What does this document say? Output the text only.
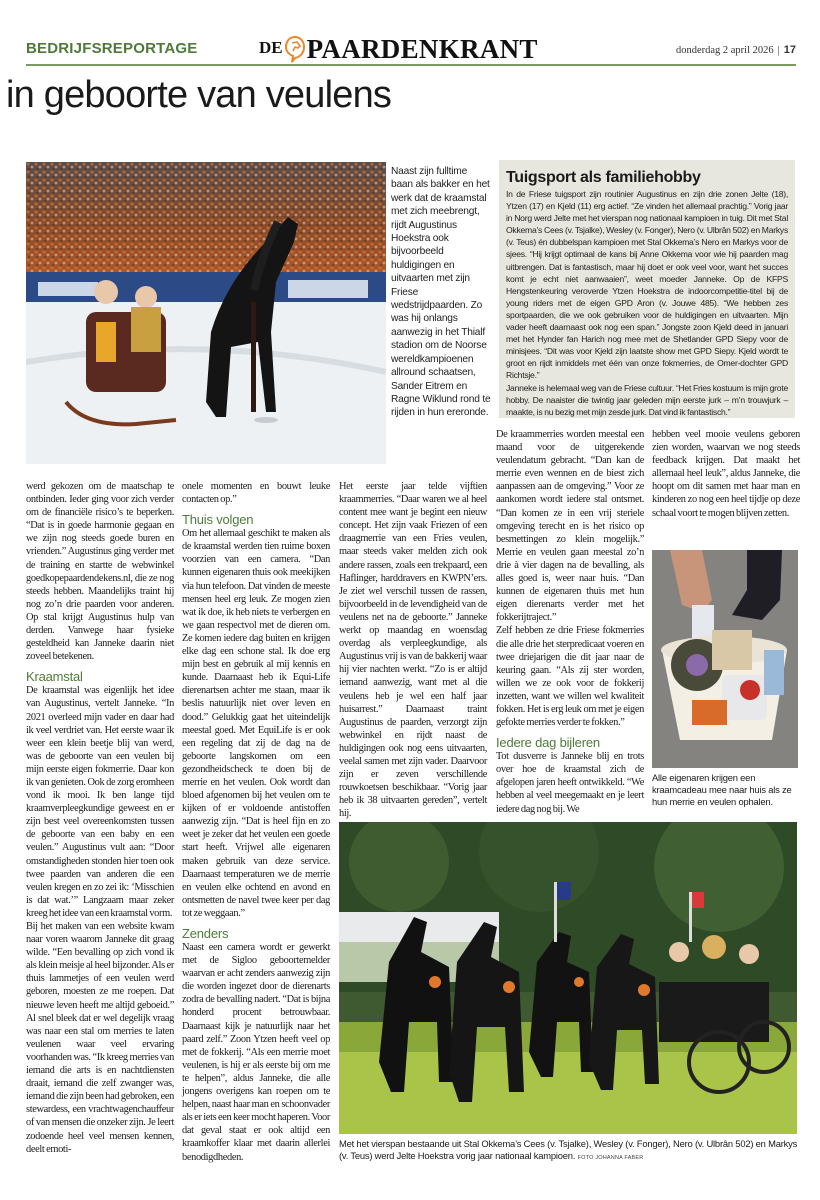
BEDRIJFSREPORTAGE	DE PAARDENKRANT	donderdag 2 april 2026 | 17
in geboorte van veulens
Naast zijn fulltime baan als bakker en het werk dat de kraamstal met zich meebrengt, rijdt Augustinus Hoekstra ook bijvoorbeeld huldigingen en uitvaarten met zijn Friese wedstrijdpaarden. Zo was hij onlangs aanwezig in het Thialf stadion om de Noorse wereldkampioenen allround schaatsen, Sander Eitrem en Ragne Wiklund rond te rijden in hun ereronde.
Tuigsport als familiehobby

In de Friese tuigsport zijn routinier Augustinus en zijn drie zonen Jelte (18), Ytzen (17) en Kjeld (11) erg actief. “Ze vinden het allemaal prachtig.” Vorig jaar in Norg werd Jelte met het vierspan nog nationaal kampioen in tuig. Dit met Stal Okkema’s Cees (v. Tsjalke), Wesley (v. Fonger), Nero (v. Ulbrân 502) en Markys (v. Teus) én dubbelspan kampioen met Stal Okkema’s Nero en Markys voor de sjees. “Hij krijgt optimaal de kans bij Anne Okkema voor wie hij paarden mag uitbrengen. Dat is fantastisch, maar hij doet er ook veel voor, want het succes komt je echt niet aanwaaien”, weet moeder Janneke. Op de KFPS Hengstenkeuring veroverde Ytzen Hoekstra de indoorcompetitie-titel bij de young riders met de eigen GPD Aron (v. Jouwe 485). “We hebben zes sportpaarden, die we ook gebruiken voor de huldigingen en uitvaarten. Mijn vader heeft daarnaast ook nog een span.” Jongste zoon Kjeld deed in januari met het Hynder fan Harich nog mee met de Shetlander GPD Siepy voor de minisjees. “Dit was voor Kjeld zijn laatste show met GPD Siepy. Kjeld wordt te groot en rijdt inmiddels met één van onze fokmerries, de Omer-dochter GPD Richtsje.”

Janneke is helemaal weg van de Friese cultuur. “Het Fries kostuum is mijn grote hobby. De naaister die twintig jaar geleden mijn eerste jurk – m’n trouwjurk – maakte, is nu bezig met mijn zesde jurk. Dat vind ik fantastisch.”

werd gekozen om de maatschap te ontbinden. Ieder ging voor zich verder om de financiële risico’s te beperken. “Dat is in goede harmonie gegaan en we zijn nog steeds goede buren en vrienden.” Augustinus ging verder met de training en startte de webwinkel goedkopepaardendekens.nl, die ze nog steeds hebben. Maandelijks traint hij nog zo’n drie paarden voor anderen. Op stal krijgt Augustinus hulp van derden. Vanwege haar fysieke gesteldheid kan Janneke daarin niet zoveel betekenen.

Kraamstal

De kraamstal was eigenlijk het idee van Augustinus, vertelt Janneke. “In 2021 overleed mijn vader en daar had ik veel verdriet van. Het eerste waar ik weer een klein beetje blij van werd, was de geboorte van een veulen bij mijn eerste eigen fokmerrie. Daar kon ik van genieten. Ook de zorg eromheen vond ik mooi. Ik ben lange tijd kraamverpleegkundige geweest en er zijn best veel overeenkomsten tussen de geboorte van een baby en een veulen.” Augustinus vult aan: “Door omstandigheden stonden hier toen ook twee paarden van anderen die een veulen kregen en zo zei ik: ‘Misschien is dat wat.’” Langzaam maar zeker kreeg het idee van een kraamstal vorm.

Bij het maken van een website kwam naar voren waarom Janneke dit graag wilde. “Een bevalling op zich vond ik als klein meisje al heel bijzonder. Als er thuis lammetjes of een veulen werd geboren, moesten ze me roepen. Dat nieuwe leven heeft me altijd geboeid.” Al snel bleek dat er wel degelijk vraag was naar een stal om merries te laten veulenen waar veel ervaring voorhanden was. “Ik kreeg merries van iemand die arts is en nachtdiensten draait, iemand die zelf zwanger was, iemand die zijn been had gebroken, een stewardess, een vrachtwagenchauffeur of van mensen die onzeker zijn. Je leert zodoende heel veel mensen kennen, deelt emoti-

onele momenten en bouwt leuke contacten op.”

Thuis volgen

Om het allemaal geschikt te maken als de kraamstal werden tien ruime boxen voorzien van een camera. “Dan kunnen eigenaren thuis ook meekijken via hun telefoon. Dat vinden de meeste mensen heel erg leuk. Ze mogen zien wat ik doe, ik heb niets te verbergen en we gaan respectvol met de dieren om. Ze komen iedere dag buiten en krijgen elke dag een schone stal. Ik doe erg mijn best en gebruik al mij kennis en kunde. Daarnaast heb ik Equi-Life dierenartsen achter me staan, maar ik beslis natuurlijk niet over leven en dood.” Gelukkig gaat het uiteindelijk meestal goed. Met EquiLife is er ook een regeling dat zij de dag na de geboorte langskomen om een gezondheidscheck te doen bij de merrie en het veulen. Ook wordt dan bloed afgenomen bij het veulen om te kijken of er voldoende antistoffen aanwezig zijn. “Dat is heel fijn en zo weet je zeker dat het veulen een goede start heeft. Vrijwel alle eigenaren maken gebruik van deze service. Daarnaast temperaturen we de merrie en veulen elke ochtend en avond en ontsmetten de navel twee keer per dag tot ze weggaan.”

Zenders

Naast een camera wordt er gewerkt met de Sigloo geboortemelder waarvan er acht zenders aanwezig zijn die worden ingezet door de dierenarts zodra de bevalling nadert. “Dat is bijna honderd procent betrouwbaar. Daarnaast kijk je natuurlijk naar het paard zelf.” Zoon Ytzen heeft veel op met de fokkerij. “Als een merrie moet veulenen, is hij er als eerste bij om me te helpen”, aldus Janneke, die alle jongens overigens kan roepen om te helpen, naast haar man en schoonvader als er iets een keer mocht haperen. Voor dat geval staat er ook altijd een kraamkoffer klaar met daarin allerlei benodigdheden.

Het eerste jaar telde vijftien kraammerries. “Daar waren we al heel content mee want je begint een nieuw concept. Het zijn vaak Friezen of een draagmerrie van een Fries veulen, maar steeds vaker melden zich ook andere rassen, zoals een trekpaard, een Haflinger, harddravers en KWPN’ers. Je ziet wel verschil tussen de rassen, bijvoorbeeld in de levendigheid van de veulens net na de geboorte.” Janneke werkt op maandag en woensdag overdag als verpleegkundige, als Augustinus vrij is van de bakkerij waar hij vier nachten werkt. “Zo is er altijd iemand aanwezig, want met al die veulens heb je wel een half jaar huisarrest.” Daarnaast traint Augustinus de paarden, verzorgt zijn webwinkel en rijdt naast de huldigingen ook nog eens uitvaarten, veelal samen met zijn vader. Daarvoor zijn er zeven verschillende rouwkoetsen beschikbaar. “Vorig jaar heb ik 38 uitvaarten gereden”, vertelt hij.

De kraammerries worden meestal een maand voor de uitgerekende veulendatum gebracht. “Dan kan de merrie even wennen en de biest zich aanpassen aan de omgeving.” Voor ze aankomen wordt iedere stal ontsmet. “Dan komen ze in een vrij steriele omgeving terecht en is het risico op besmettingen zo klein mogelijk.” Merrie en veulen gaan meestal zo’n drie à vier dagen na de bevalling, als alles goed is, weer naar huis. “Dan kunnen de eigenaren thuis met hun eigen dierenarts verder met het fokkerijtraject.”

Zelf hebben ze drie Friese fokmerries die alle drie het sterpredicaat voeren en twee driejarigen die dit jaar naar de keuring gaan. “Als zij ster worden, willen we ze ook voor de fokkerij inzetten, want we willen wel kwaliteit fokken. Het is erg leuk om met je eigen gefokte merries verder te fokken.”

Iedere dag bijleren

Tot dusverre is Janneke blij en trots over hoe de kraamstal zich de afgelopen jaren heeft ontwikkeld. “We hebben al veel meegemaakt en je leert iedere dag nog bij. We

hebben veel mooie veulens geboren zien worden, waarvan we nog steeds feedback krijgen. Dat maakt het allemaal heel leuk”, aldus Janneke, die hoopt om dit samen met haar man en kinderen zo nog een heel tijdje op deze schaal voort te mogen blijven zetten.

Alle eigenaren krijgen een kraamcadeau mee naar huis als ze hun merrie en veulen ophalen.
Met het vierspan bestaande uit Stal Okkema’s Cees (v. Tsjalke), Wesley (v. Fonger), Nero (v. Ulbrân 502) en Markys (v. Teus) werd Jelte Hoekstra vorig jaar nationaal kampioen. FOTO JOHANNA FABER
